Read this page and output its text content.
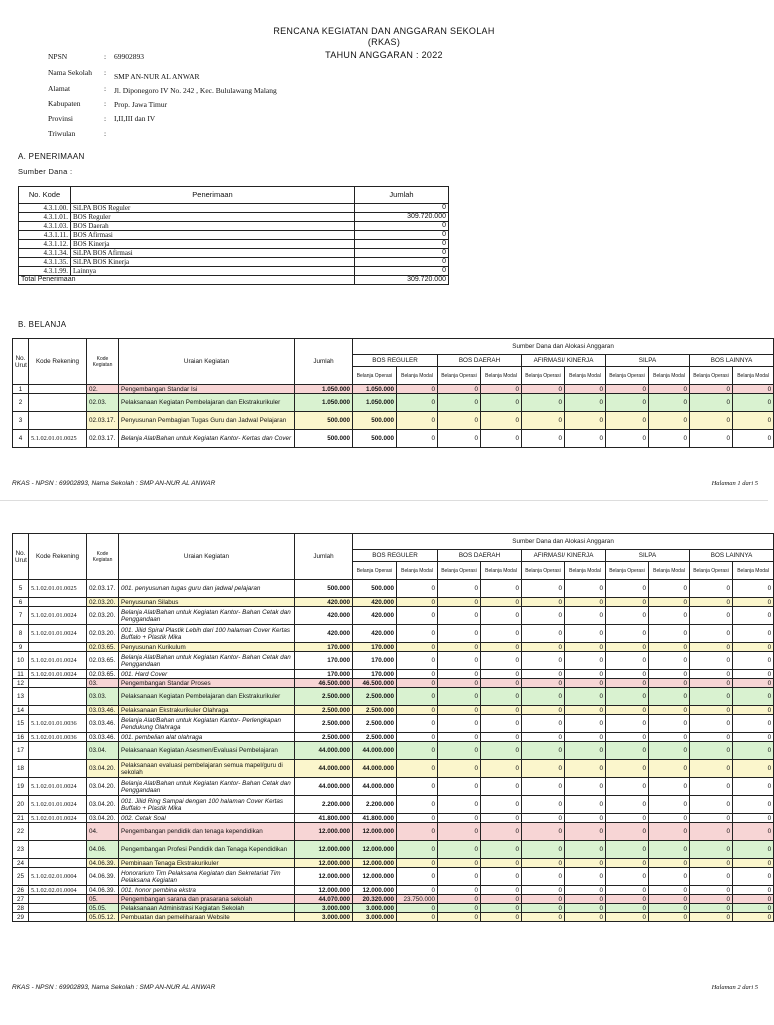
RENCANA KEGIATAN DAN ANGGARAN SEKOLAH
(RKAS)
TAHUN ANGGARAN : 2022
NPSN	: 69902893
Nama Sekolah : SMP AN-NUR AL ANWAR
Alamat	: Jl. Diponegoro IV No. 242 , Kec. Bululawang Malang
Kabupaten	: Prop. Jawa Timur
Provinsi	: I,II,III dan IV
Triwulan	:
A. PENERIMAAN
Sumber Dana :
No. Kode	Penerimaan	Jumlah
4.3.1.00.	SiLPA BOS Reguler	0
4.3.1.01.	BOS Reguler	309.720.000
4.3.1.03.	BOS Daerah	0
4.3.1.11.	BOS Afirmasi	0
4.3.1.12.	BOS Kinerja	0
4.3.1.34.	SiLPA BOS Afirmasi	0
4.3.1.35.	SiLPA BOS Kinerja	0
4.3.1.99.	Lainnya	0
Total Penerimaan		309.720.000
B. BELANJA
No. Urut	Kode Rekening	Kode Kegiatan	Uraian Kegiatan	Jumlah	Sumber Dana dan Alokasi Anggaran									
					BOS REGULER		BOS DAERAH		AFIRMASI/ KINERJA		SILPA		BOS LAINNYA	
					Belanja Operasi	Belanja Modal	Belanja Operasi	Belanja Modal	Belanja Operasi	Belanja Modal	Belanja Operasi	Belanja Modal	Belanja Operasi	Belanja Modal
1		02.	Pengembangan Standar Isi	1.050.000	1.050.000	0	0	0	0	0	0	0	0	0
2		02.03.	Pelaksanaan Kegiatan Pembelajaran dan Ekstrakurikuler	1.050.000	1.050.000	0	0	0	0	0	0	0	0	0
3		02.03.17.	Penyusunan Pembagian Tugas Guru dan Jadwal Pelajaran	500.000	500.000	0	0	0	0	0	0	0	0	0
4	5.1.02.01.01.0025	02.03.17.	Belanja Alat/Bahan untuk Kegiatan Kantor- Kertas dan Cover	500.000	500.000	0	0	0	0	0	0	0	0	0
RKAS - NPSN : 69902893, Nama Sekolah : SMP AN-NUR AL ANWAR	Halaman 1 dari 5
No. Urut	Kode Rekening	Kode Kegiatan	Uraian Kegiatan	Jumlah	Sumber Dana dan Alokasi Anggaran									
					BOS REGULER		BOS DAERAH		AFIRMASI/ KINERJA		SILPA		BOS LAINNYA	
					Belanja Operasi	Belanja Modal	Belanja Operasi	Belanja Modal	Belanja Operasi	Belanja Modal	Belanja Operasi	Belanja Modal	Belanja Operasi	Belanja Modal
5	5.1.02.01.01.0025	02.03.17.	001. penyusunan tugas guru dan jadwal pelajaran	500.000	500.000	0	0	0	0	0	0	0	0	0
6		02.03.20.	Penyusunan Silabus	420.000	420.000	0	0	0	0	0	0	0	0	0
7	5.1.02.01.01.0024	02.03.20.	Belanja Alat/Bahan untuk Kegiatan Kantor- Bahan Cetak dan Penggandaan	420.000	420.000	0	0	0	0	0	0	0	0	0
8	5.1.02.01.01.0024	02.03.20.	001. Jilid Spiral Plastik Lebih dari 100 halaman Cover Kertas Buffalo + Plastik Mika	420.000	420.000	0	0	0	0	0	0	0	0	0
9		02.03.65.	Penyusunan Kurikulum	170.000	170.000	0	0	0	0	0	0	0	0	0
10	5.1.02.01.01.0024	02.03.65.	Belanja Alat/Bahan untuk Kegiatan Kantor- Bahan Cetak dan Penggandaan	170.000	170.000	0	0	0	0	0	0	0	0	0
11	5.1.02.01.01.0024	02.03.65.	001. Hard Cover	170.000	170.000	0	0	0	0	0	0	0	0	0
12		03.	Pengembangan Standar Proses	46.500.000	46.500.000	0	0	0	0	0	0	0	0	0
13		03.03.	Pelaksanaan Kegiatan Pembelajaran dan Ekstrakurikuler	2.500.000	2.500.000	0	0	0	0	0	0	0	0	0
14		03.03.46.	Pelaksanaan Ekstrakurikuler Olahraga	2.500.000	2.500.000	0	0	0	0	0	0	0	0	0
15	5.1.02.01.01.0036	03.03.46.	Belanja Alat/Bahan untuk Kegiatan Kantor- Perlengkapan Pendukung Olahraga	2.500.000	2.500.000	0	0	0	0	0	0	0	0	0
16	5.1.02.01.01.0036	03.03.46.	001. pembelian alat olahraga	2.500.000	2.500.000	0	0	0	0	0	0	0	0	0
17		03.04.	Pelaksanaan Kegiatan Asesmen/Evaluasi Pembelajaran	44.000.000	44.000.000	0	0	0	0	0	0	0	0	0
18		03.04.20.	Pelaksanaan evaluasi pembelajaran semua mapel/guru di sekolah	44.000.000	44.000.000	0	0	0	0	0	0	0	0	0
19	5.1.02.01.01.0024	03.04.20.	Belanja Alat/Bahan untuk Kegiatan Kantor- Bahan Cetak dan Penggandaan	44.000.000	44.000.000	0	0	0	0	0	0	0	0	0
20	5.1.02.01.01.0024	03.04.20.	001. Jilid Ring Sampai dengan 100 halaman Cover Kertas Buffalo + Plastik Mika	2.200.000	2.200.000	0	0	0	0	0	0	0	0	0
21	5.1.02.01.01.0024	03.04.20.	002. Cetak Soal	41.800.000	41.800.000	0	0	0	0	0	0	0	0	0
22		04.	Pengembangan pendidik dan tenaga kependidikan	12.000.000	12.000.000	0	0	0	0	0	0	0	0	0
23		04.06.	Pengembangan Profesi Pendidik dan Tenaga Kependidikan	12.000.000	12.000.000	0	0	0	0	0	0	0	0	0
24		04.06.39.	Pembinaan Tenaga Ekstrakurikuler	12.000.000	12.000.000	0	0	0	0	0	0	0	0	0
25	5.1.02.02.01.0004	04.06.39.	Honorarium Tim Pelaksana Kegiatan dan Sekretariat Tim Pelaksana Kegiatan	12.000.000	12.000.000	0	0	0	0	0	0	0	0	0
26	5.1.02.02.01.0004	04.06.39.	001. honor pembina ekstra	12.000.000	12.000.000	0	0	0	0	0	0	0	0	0
27		05.	Pengembangan sarana dan prasarana sekolah	44.070.000	20.320.000	23.750.000	0	0	0	0	0	0	0	0
28		05.05.	Pelaksanaan Administrasi Kegiatan Sekolah	3.000.000	3.000.000	0	0	0	0	0	0	0	0	0
29		05.05.12.	Pembuatan dan pemeliharaan Website	3.000.000	3.000.000	0	0	0	0	0	0	0	0	0
RKAS - NPSN : 69902893, Nama Sekolah : SMP AN-NUR AL ANWAR	Halaman 2 dari 5
